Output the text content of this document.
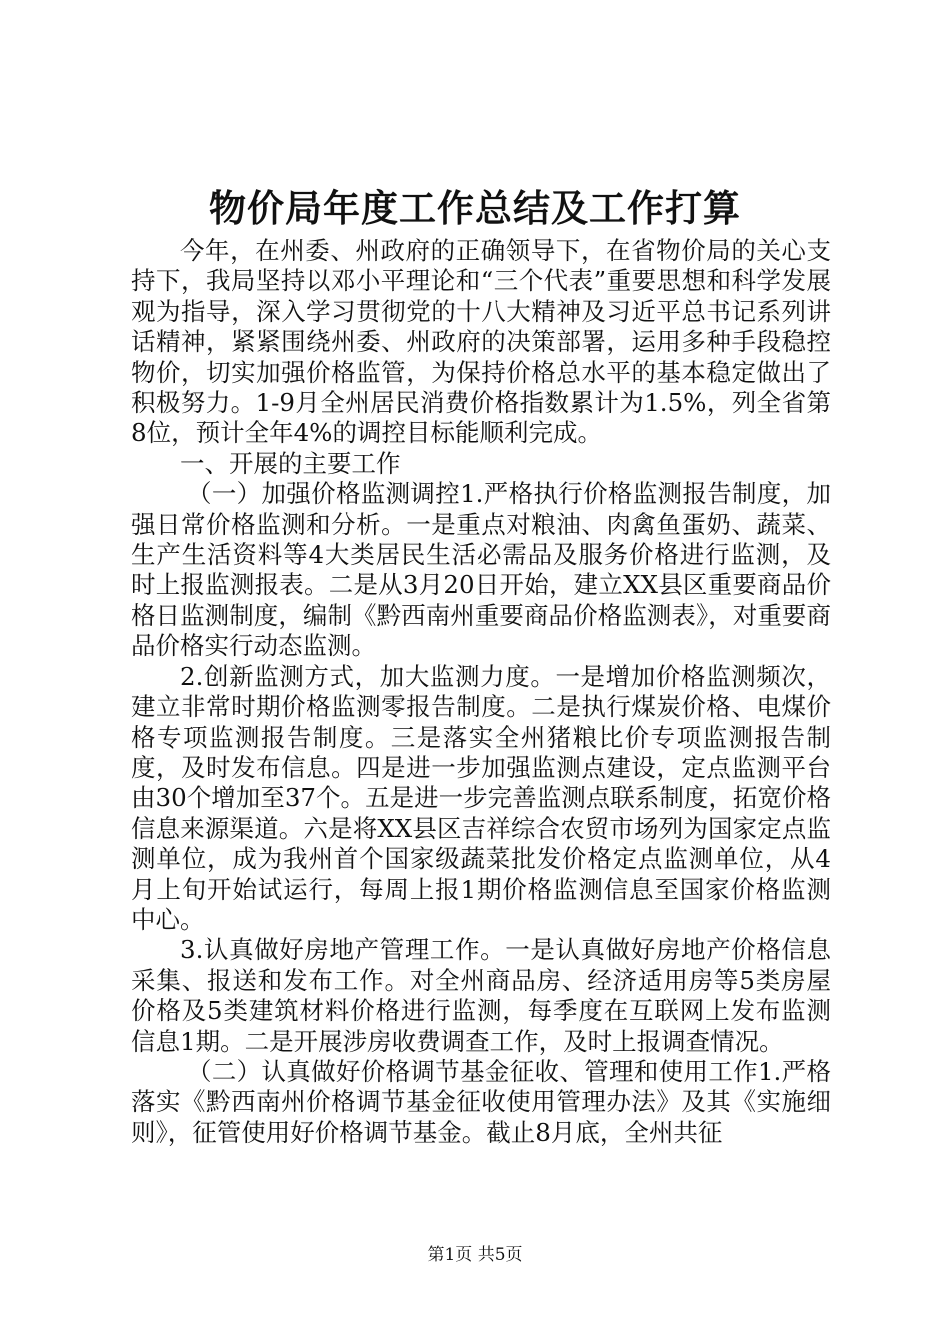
物价局年度工作总结及工作打算

今年，在州委、州政府的正确领导下，在省物价局的关心支持下，我局坚持以邓小平理论和“三个代表”重要思想和科学发展观为指导，深入学习贯彻党的十八大精神及习近平总书记系列讲话精神，紧紧围绕州委、州政府的决策部署，运用多种手段稳控物价，切实加强价格监管，为保持价格总水平的基本稳定做出了积极努力。1-9月全州居民消费价格指数累计为1.5%，列全省第8位，预计全年4%的调控目标能顺利完成。

一、开展的主要工作

（一）加强价格监测调控1.严格执行价格监测报告制度，加强日常价格监测和分析。一是重点对粮油、肉禽鱼蛋奶、蔬菜、生产生活资料等4大类居民生活必需品及服务价格进行监测，及时上报监测报表。二是从3月20日开始，建立XX县区重要商品价格日监测制度，编制《黔西南州重要商品价格监测表》，对重要商品价格实行动态监测。

2.创新监测方式，加大监测力度。一是增加价格监测频次，建立非常时期价格监测零报告制度。二是执行煤炭价格、电煤价格专项监测报告制度。三是落实全州猪粮比价专项监测报告制度，及时发布信息。四是进一步加强监测点建设，定点监测平台由30个增加至37个。五是进一步完善监测点联系制度，拓宽价格信息来源渠道。六是将XX县区吉祥综合农贸市场列为国家定点监测单位，成为我州首个国家级蔬菜批发价格定点监测单位，从4月上旬开始试运行，每周上报1期价格监测信息至国家价格监测中心。

3.认真做好房地产管理工作。一是认真做好房地产价格信息采集、报送和发布工作。对全州商品房、经济适用房等5类房屋价格及5类建筑材料价格进行监测，每季度在互联网上发布监测信息1期。二是开展涉房收费调查工作，及时上报调查情况。

（二）认真做好价格调节基金征收、管理和使用工作1.严格落实《黔西南州价格调节基金征收使用管理办法》及其《实施细则》，征管使用好价格调节基金。截止8月底，全州共征

第1页 共5页
